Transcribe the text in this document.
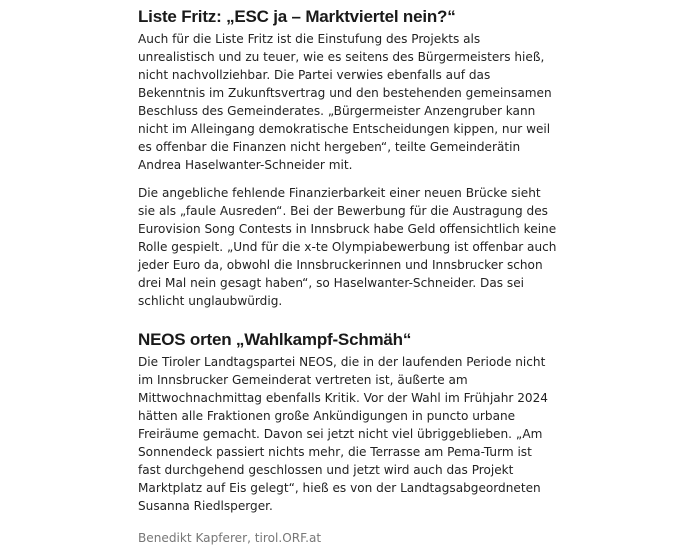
Liste Fritz: „ESC ja – Marktviertel nein?“

Auch für die Liste Fritz ist die Einstufung des Projekts als unrealistisch und zu teuer, wie es seitens des Bürgermeisters hieß, nicht nachvollziehbar. Die Partei verwies ebenfalls auf das Bekenntnis im Zukunftsvertrag und den bestehenden gemeinsamen Beschluss des Gemeinderates. „Bürgermeister Anzengruber kann nicht im Alleingang demokratische Entscheidungen kippen, nur weil es offenbar die Finanzen nicht hergeben“, teilte Gemeinderätin Andrea Haselwanter-Schneider mit.

Die angebliche fehlende Finanzierbarkeit einer neuen Brücke sieht sie als „faule Ausreden“. Bei der Bewerbung für die Austragung des Eurovision Song Contests in Innsbruck habe Geld offensichtlich keine Rolle gespielt. „Und für die x-te Olympiabewerbung ist offenbar auch jeder Euro da, obwohl die Innsbruckerinnen und Innsbrucker schon drei Mal nein gesagt haben“, so Haselwanter-Schneider. Das sei schlicht unglaubwürdig.

NEOS orten „Wahlkampf-Schmäh“

Die Tiroler Landtagspartei NEOS, die in der laufenden Periode nicht im Innsbrucker Gemeinderat vertreten ist, äußerte am Mittwochnachmittag ebenfalls Kritik. Vor der Wahl im Frühjahr 2024 hätten alle Fraktionen große Ankündigungen in puncto urbane Freiräume gemacht. Davon sei jetzt nicht viel übriggeblieben. „Am Sonnendeck passiert nichts mehr, die Terrasse am Pema-Turm ist fast durchgehend geschlossen und jetzt wird auch das Projekt Marktplatz auf Eis gelegt“, hieß es von der Landtagsabgeordneten Susanna Riedlsperger.

Benedikt Kapferer, tirol.ORF.at
